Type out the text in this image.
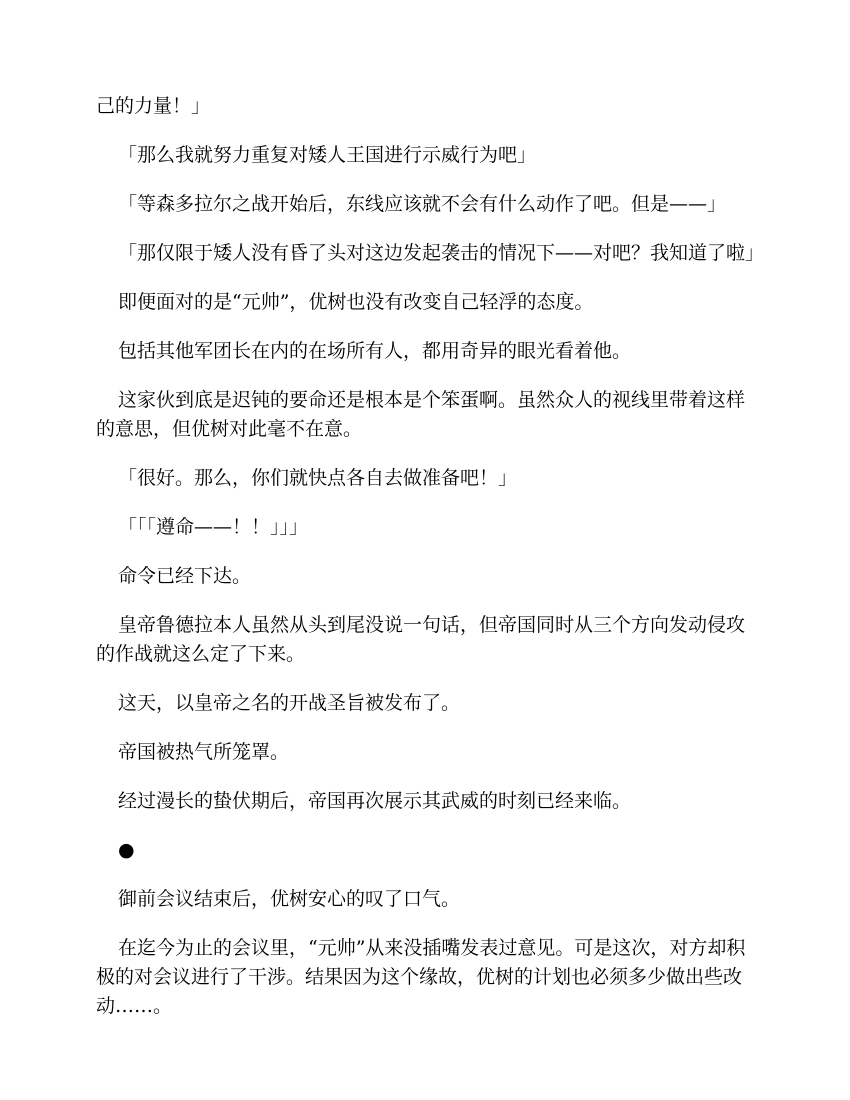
己的力量！」

「那么我就努力重复对矮人王国进行示威行为吧」

「等森多拉尔之战开始后，东线应该就不会有什么动作了吧。但是——」

「那仅限于矮人没有昏了头对这边发起袭击的情况下——对吧？我知道了啦」

即便面对的是“元帅”，优树也没有改变自己轻浮的态度。

包括其他军团长在内的在场所有人，都用奇异的眼光看着他。

这家伙到底是迟钝的要命还是根本是个笨蛋啊。虽然众人的视线里带着这样的意思，但优树对此毫不在意。

「很好。那么，你们就快点各自去做准备吧！」

「「「遵命——！！」」」

命令已经下达。

皇帝鲁德拉本人虽然从头到尾没说一句话，但帝国同时从三个方向发动侵攻的作战就这么定了下来。

这天，以皇帝之名的开战圣旨被发布了。

帝国被热气所笼罩。

经过漫长的蛰伏期后，帝国再次展示其武威的时刻已经来临。

●

御前会议结束后，优树安心的叹了口气。

在迄今为止的会议里，“元帅”从来没插嘴发表过意见。可是这次，对方却积极的对会议进行了干涉。结果因为这个缘故，优树的计划也必须多少做出些改动……。
